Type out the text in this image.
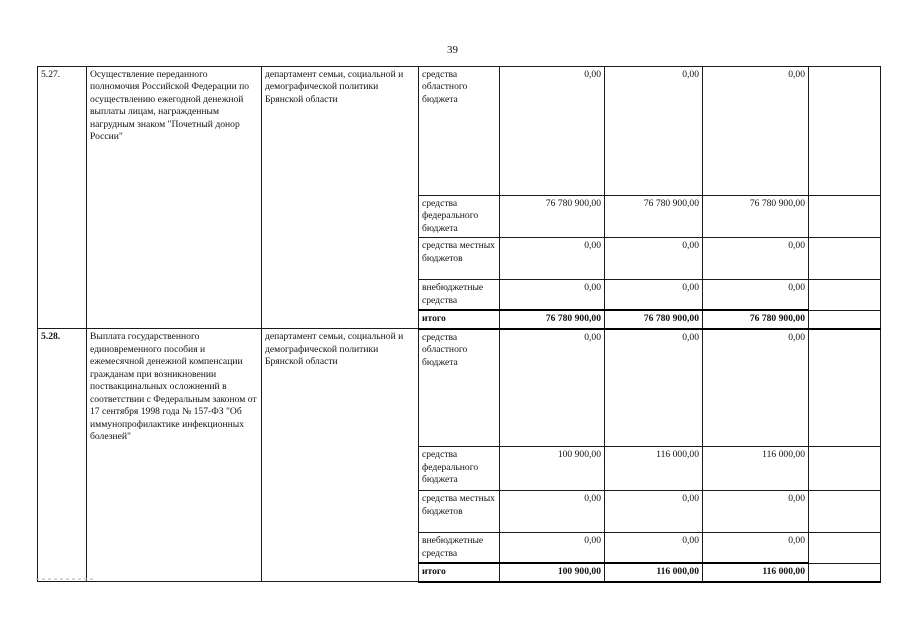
39
5.27.	Осуществление переданного полномочия Российской Федерации по осуществлению ежегодной денежной выплаты лицам, награжденным нагрудным знаком "Почетный донор России"	департамент семьи, социальной и демографической политики Брянской области	средства областного бюджета	0,00	0,00	0,00	
			средства федерального бюджета	76 780 900,00	76 780 900,00	76 780 900,00	
			средства местных бюджетов	0,00	0,00	0,00	
			внебюджетные средства	0,00	0,00	0,00	
			итого	76 780 900,00	76 780 900,00	76 780 900,00	
5.28.	Выплата государственного единовременного пособия и ежемесячной денежной компенсации гражданам при возникновении поствакцинальных осложнений в соответствии с Федеральным законом от 17 сентября 1998 года № 157-ФЗ "Об иммунопрофилактике инфекционных болезней"	департамент семьи, социальной и демографической политики Брянской области	средства областного бюджета	0,00	0,00	0,00	
			средства федерального бюджета	100 900,00	116 000,00	116 000,00	
			средства местных бюджетов	0,00	0,00	0,00	
			внебюджетные средства	0,00	0,00	0,00	
			итого	100 900,00	116 000,00	116 000,00	
